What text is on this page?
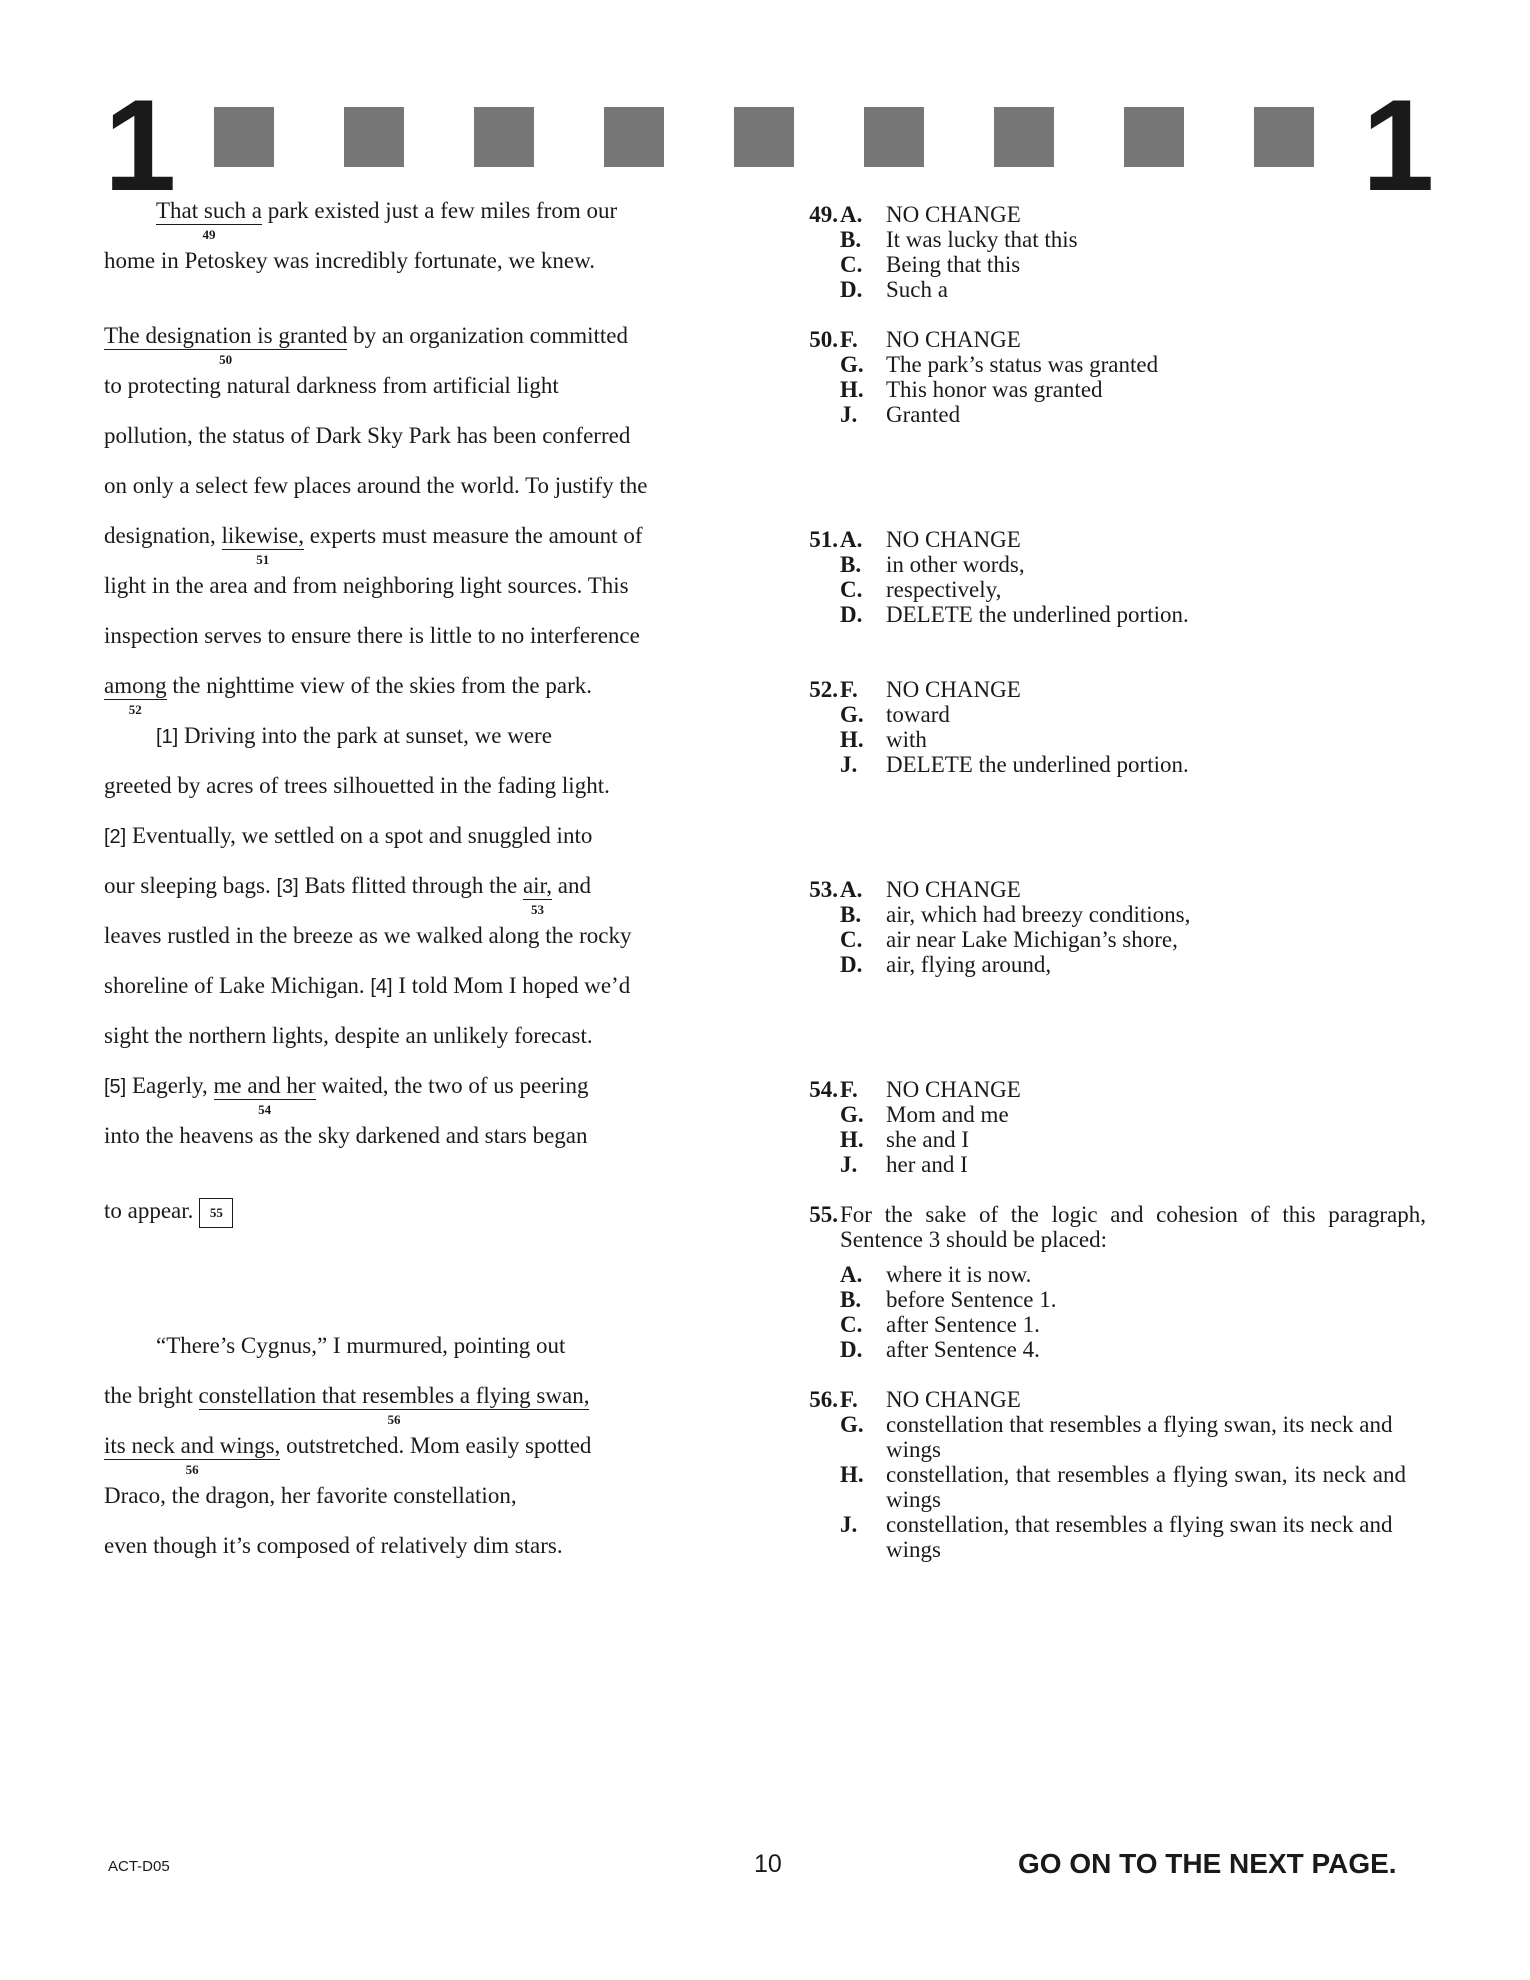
1	1
That such a
49
park existed just a few miles from our
home in Petoskey was incredibly fortunate, we knew.
The designation is granted
50
by an organization committed
to protecting natural darkness from artificial light
pollution, the status of Dark Sky Park has been conferred
on only a select few places around the world. To justify the
designation, likewise,
51
experts must measure the amount of
light in the area and from neighboring light sources. This
inspection serves to ensure there is little to no interference
among
52
the nighttime view of the skies from the park.
[1] Driving into the park at sunset, we were
greeted by acres of trees silhouetted in the fading light.
[2] Eventually, we settled on a spot and snuggled into
our sleeping bags. [3] Bats flitted through the air,
53
and
leaves rustled in the breeze as we walked along the rocky
shoreline of Lake Michigan. [4] I told Mom I hoped we’d
sight the northern lights, despite an unlikely forecast.
[5] Eagerly, me and her
54
waited, the two of us peering
into the heavens as the sky darkened and stars began
to appear. 55
“There’s Cygnus,” I murmured, pointing out
the bright constellation that resembles a flying swan,
56
its neck and wings,
56
outstretched. Mom easily spotted
Draco, the dragon, her favorite constellation,
even though it’s composed of relatively dim stars.
49. A.	NO CHANGE
B.	It was lucky that this
C.	Being that this
D.	Such a
50. F.	NO CHANGE
G. The park’s status was granted
H. This honor was granted
J.	Granted
51. A.	NO CHANGE
B.	in other words,
C.	respectively,
D.	DELETE the underlined portion.
52. F.	NO CHANGE
G. toward
H. with
J.	DELETE the underlined portion.
53. A.	NO CHANGE
B.	air, which had breezy conditions,
C.	air near Lake Michigan’s shore,
D.	air, flying around,
54. F.	NO CHANGE
G. Mom and me
H. she and I
J.	her and I
55. For the sake of the logic and cohesion of this paragraph, Sentence 3 should be placed:
A.	where it is now.
B.	before Sentence 1.
C.	after Sentence 1.
D.	after Sentence 4.
56. F.	NO CHANGE
G. constellation that resembles a flying swan, its neck and wings
H. constellation, that resembles a flying swan, its neck and wings
J.	constellation, that resembles a flying swan its neck and wings
ACT-D05	10	GO ON TO THE NEXT PAGE.
